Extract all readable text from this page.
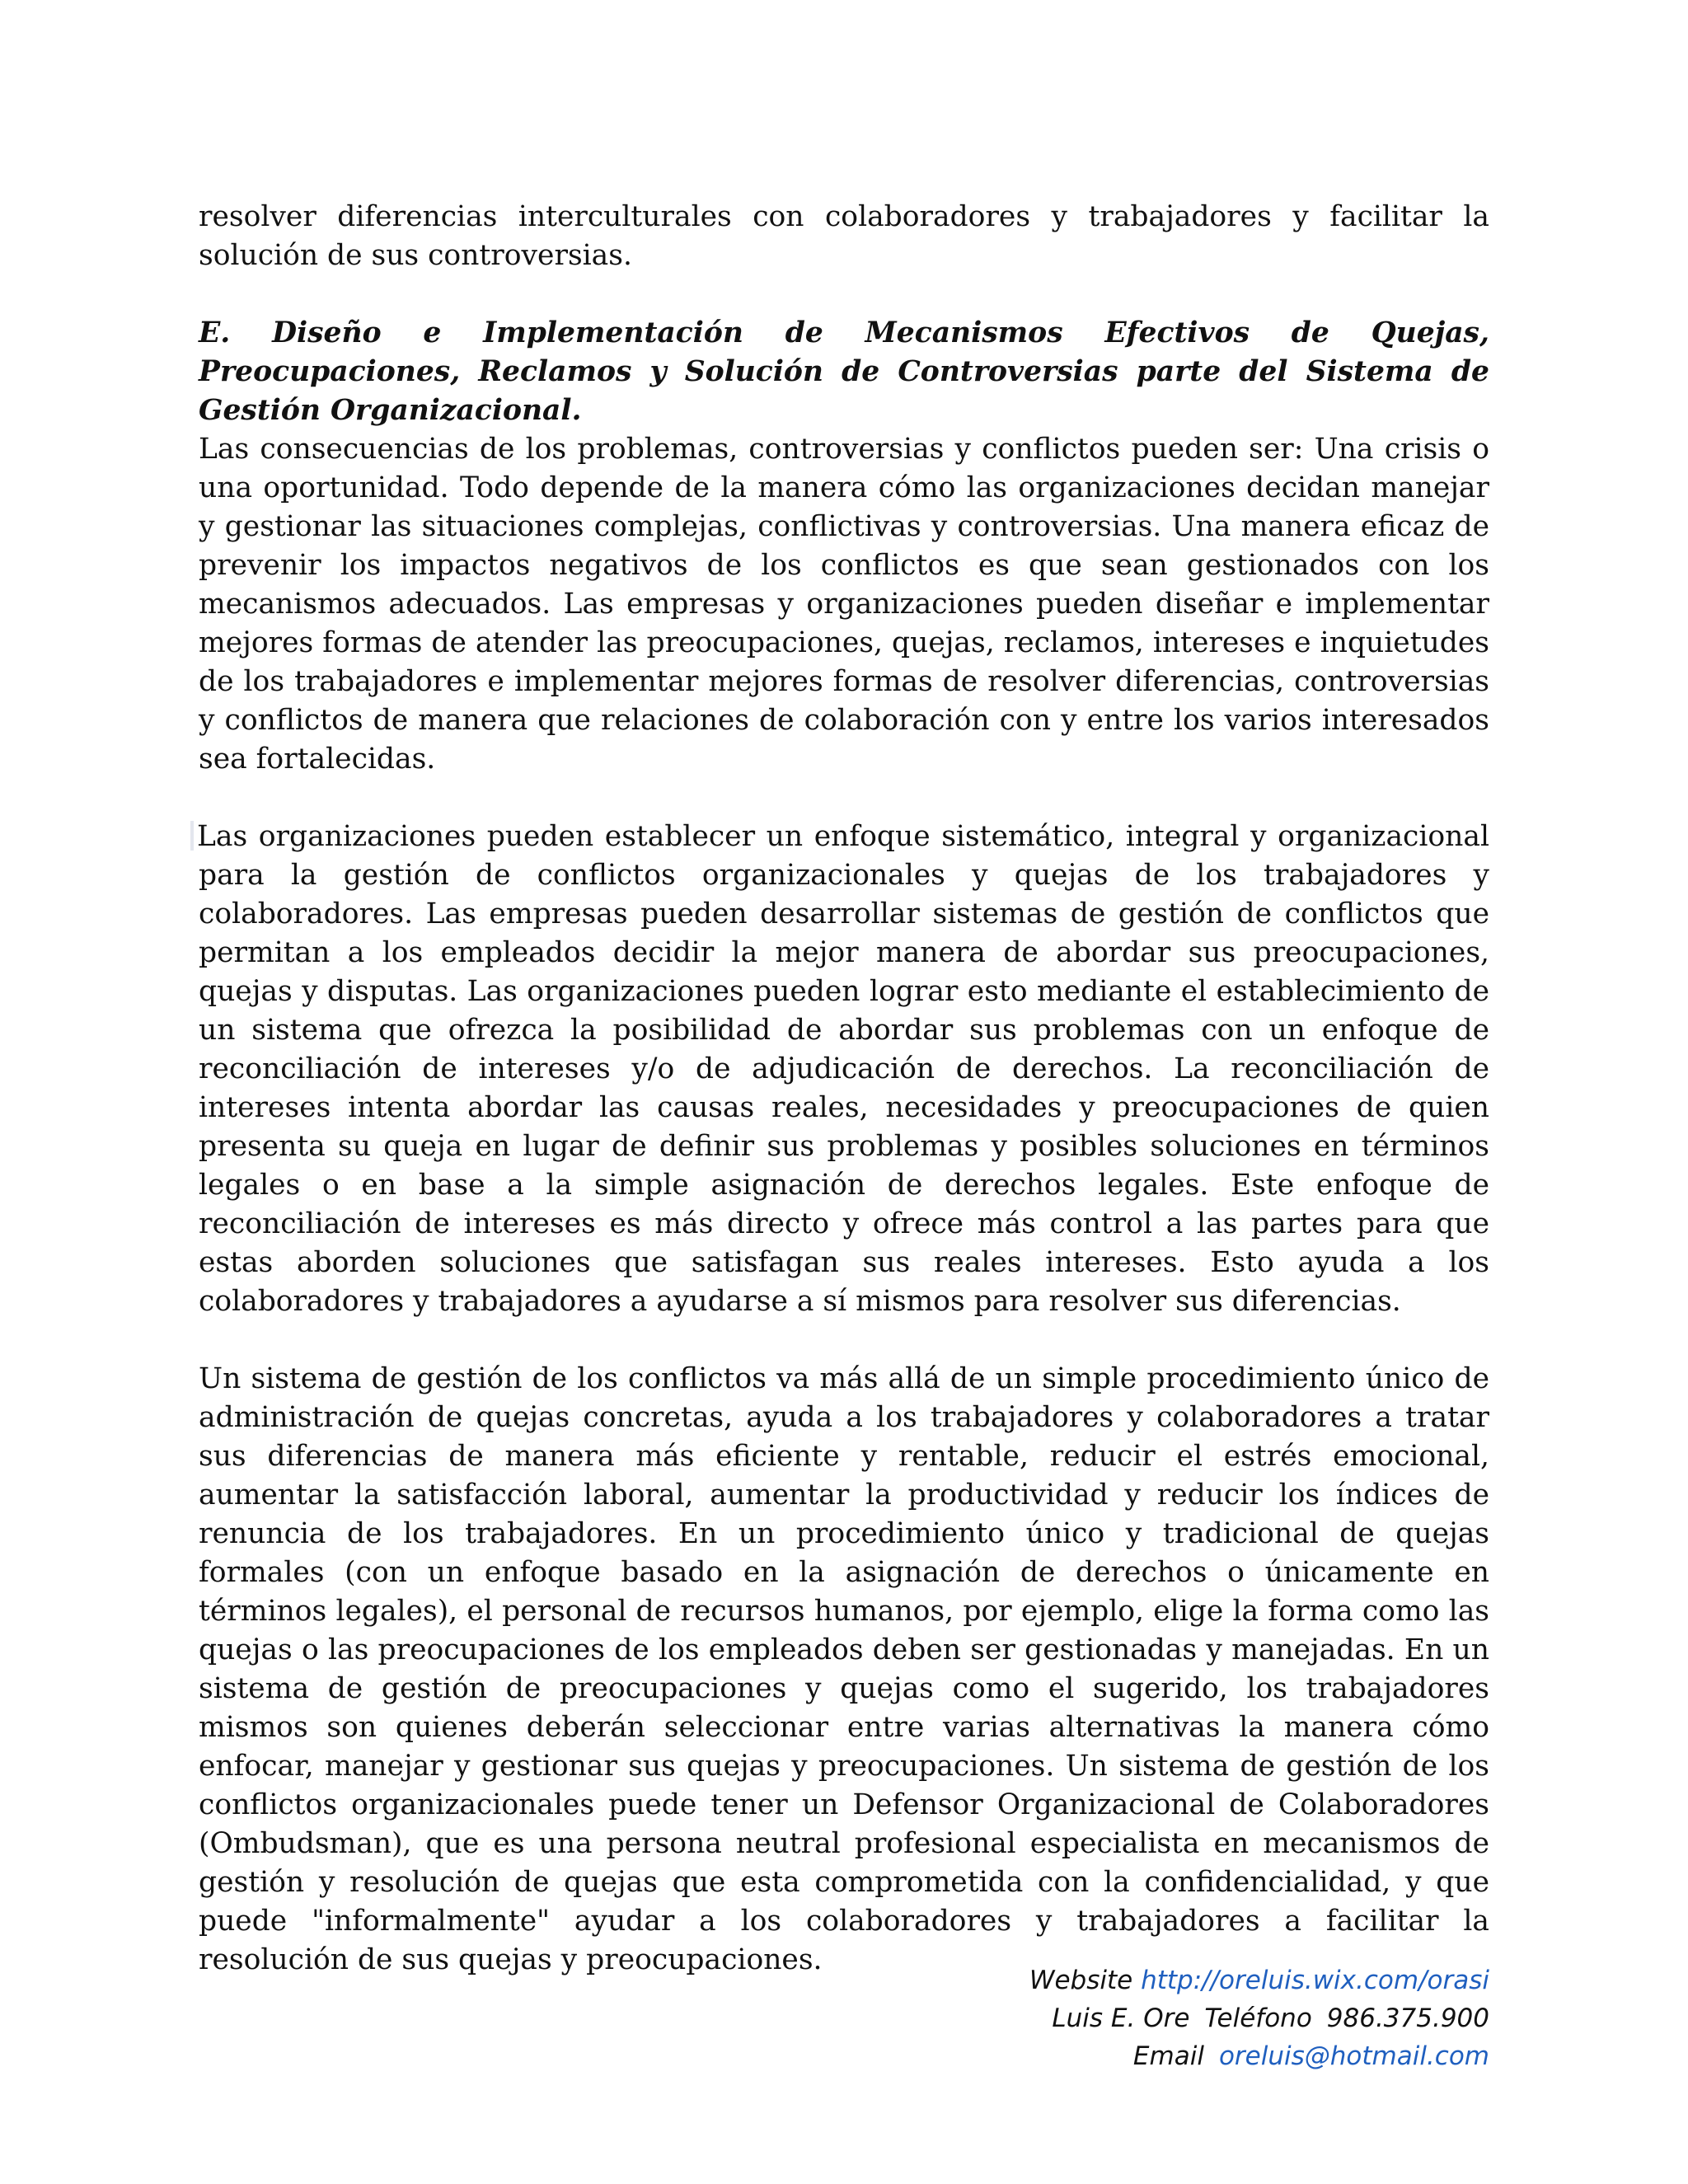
resolver diferencias interculturales con colaboradores y trabajadores y facilitar la solución de sus controversias.

E. Diseño e Implementación de Mecanismos Efectivos de Quejas, Preocupaciones, Reclamos y Solución de Controversias parte del Sistema de Gestión Organizacional.

Las consecuencias de los problemas, controversias y conflictos pueden ser: Una crisis o una oportunidad. Todo depende de la manera cómo las organizaciones decidan manejar y gestionar las situaciones complejas, conflictivas y controversias. Una manera eficaz de prevenir los impactos negativos de los conflictos es que sean gestionados con los mecanismos adecuados. Las empresas y organizaciones pueden diseñar e implementar mejores formas de atender las preocupaciones, quejas, reclamos, intereses e inquietudes de los trabajadores e implementar mejores formas de resolver diferencias, controversias y conflictos de manera que relaciones de colaboración con y entre los varios interesados sea fortalecidas.

Las organizaciones pueden establecer un enfoque sistemático, integral y organizacional para la gestión de conflictos organizacionales y quejas de los trabajadores y colaboradores. Las empresas pueden desarrollar sistemas de gestión de conflictos que permitan a los empleados decidir la mejor manera de abordar sus preocupaciones, quejas y disputas. Las organizaciones pueden lograr esto mediante el establecimiento de un sistema que ofrezca la posibilidad de abordar sus problemas con un enfoque de reconciliación de intereses y/o de adjudicación de derechos. La reconciliación de intereses intenta abordar las causas reales, necesidades y preocupaciones de quien presenta su queja en lugar de definir sus problemas y posibles soluciones en términos legales o en base a la simple asignación de derechos legales. Este enfoque de reconciliación de intereses es más directo y ofrece más control a las partes para que estas aborden soluciones que satisfagan sus reales intereses. Esto ayuda a los colaboradores y trabajadores a ayudarse a sí mismos para resolver sus diferencias.

Un sistema de gestión de los conflictos va más allá de un simple procedimiento único de administración de quejas concretas, ayuda a los trabajadores y colaboradores a tratar sus diferencias de manera más eficiente y rentable, reducir el estrés emocional, aumentar la satisfacción laboral, aumentar la productividad y reducir los índices de renuncia de los trabajadores. En un procedimiento único y tradicional de quejas formales (con un enfoque basado en la asignación de derechos o únicamente en términos legales), el personal de recursos humanos, por ejemplo, elige la forma como las quejas o las preocupaciones de los empleados deben ser gestionadas y manejadas. En un sistema de gestión de preocupaciones y quejas como el sugerido, los trabajadores mismos son quienes deberán seleccionar entre varias alternativas la manera cómo enfocar, manejar y gestionar sus quejas y preocupaciones. Un sistema de gestión de los conflictos organizacionales puede tener un Defensor Organizacional de Colaboradores (Ombudsman), que es una persona neutral profesional especialista en mecanismos de gestión y resolución de quejas que esta comprometida con la confidencialidad, y que puede "informalmente" ayudar a los colaboradores y trabajadores a facilitar la resolución de sus quejas y preocupaciones.

Website http://oreluis.wix.com/orasi
Luis E. Ore Teléfono 986.375.900
Email oreluis@hotmail.com
